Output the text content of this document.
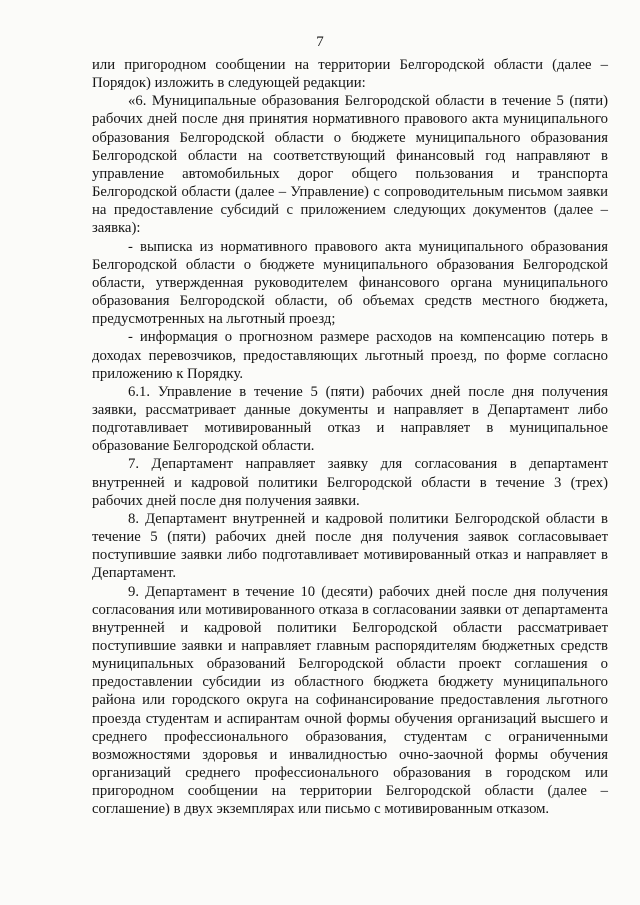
7

или пригородном сообщении на территории Белгородской области (далее – Порядок) изложить в следующей редакции:

«6. Муниципальные образования Белгородской области в течение 5 (пяти) рабочих дней после дня принятия нормативного правового акта муниципального образования Белгородской области о бюджете муниципального образования Белгородской области на соответствующий финансовый год направляют в управление автомобильных дорог общего пользования и транспорта Белгородской области (далее – Управление) с сопроводительным письмом заявки на предоставление субсидий с приложением следующих документов (далее – заявка):

- выписка из нормативного правового акта муниципального образования Белгородской области о бюджете муниципального образования Белгородской области, утвержденная руководителем финансового органа муниципального образования Белгородской области, об объемах средств местного бюджета, предусмотренных на льготный проезд;

- информация о прогнозном размере расходов на компенсацию потерь в доходах перевозчиков, предоставляющих льготный проезд, по форме согласно приложению к Порядку.

6.1. Управление в течение 5 (пяти) рабочих дней после дня получения заявки, рассматривает данные документы и направляет в Департамент либо подготавливает мотивированный отказ и направляет в муниципальное образование Белгородской области.

7. Департамент направляет заявку для согласования в департамент внутренней и кадровой политики Белгородской области в течение 3 (трех) рабочих дней после дня получения заявки.

8. Департамент внутренней и кадровой политики Белгородской области в течение 5 (пяти) рабочих дней после дня получения заявок согласовывает поступившие заявки либо подготавливает мотивированный отказ и направляет в Департамент.

9. Департамент в течение 10 (десяти) рабочих дней после дня получения согласования или мотивированного отказа в согласовании заявки от департамента внутренней и кадровой политики Белгородской области рассматривает поступившие заявки и направляет главным распорядителям бюджетных средств муниципальных образований Белгородской области проект соглашения о предоставлении субсидии из областного бюджета бюджету муниципального района или городского округа на софинансирование предоставления льготного проезда студентам и аспирантам очной формы обучения организаций высшего и среднего профессионального образования, студентам с ограниченными возможностями здоровья и инвалидностью очно-заочной формы обучения организаций среднего профессионального образования в городском или пригородном сообщении на территории Белгородской области (далее – соглашение) в двух экземплярах или письмо с мотивированным отказом.
